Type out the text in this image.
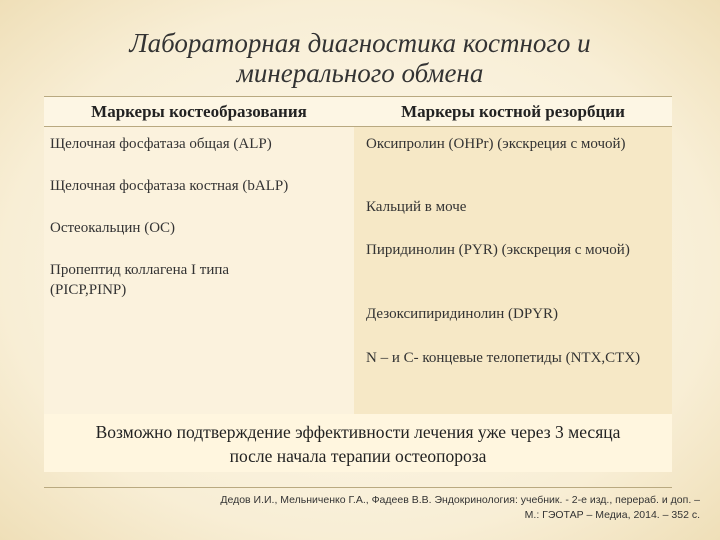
Лабораторная диагностика костного и
минерального обмена
Маркеры костеобразования
Щелочная фосфатаза общая (ALP)
Щелочная фосфатаза костная (bALP)
Остеокальцин (OC)
Пропептид коллагена I типа (PICP,PINP)
Маркеры костной резорбции
Оксипролин (OHPr) (экскреция с мочой)
Кальций в моче
Пиридинолин (PYR) (экскреция с мочой)
Дезоксипиридинолин (DPYR)
N – и С- концевые телопетиды (NTX,CTX)
Возможно подтверждение эффективности лечения уже через 3 месяца
после начала терапии остеопороза
Дедов И.И., Мельниченко Г.А., Фадеев В.В. Эндокринология: учебник. - 2-е изд., перераб. и доп. –
М.: ГЭОТАР – Медиа, 2014. – 352 с.
